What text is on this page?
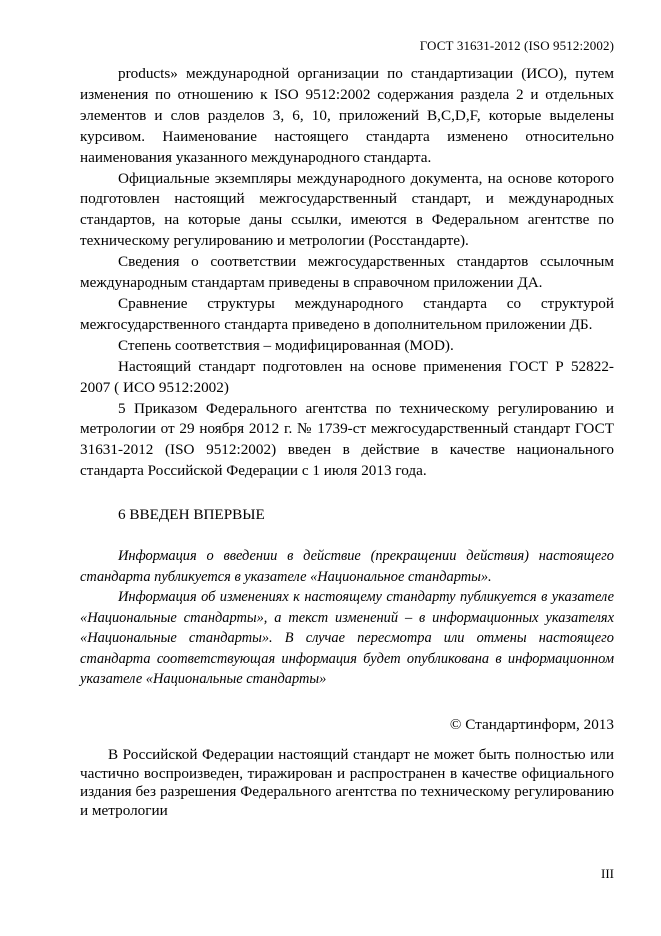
ГОСТ 31631-2012 (ISO 9512:2002)

products» международной организации по стандартизации (ИСО), путем изменения по отношению к ISO 9512:2002 содержания раздела 2 и отдельных элементов и слов разделов 3, 6, 10, приложений B,C,D,F, которые выделены курсивом. Наименование настоящего стандарта изменено относительно наименования указанного международного стандарта.

Официальные экземпляры международного документа, на основе которого подготовлен настоящий межгосударственный стандарт, и международных стандартов, на которые даны ссылки, имеются в Федеральном агентстве по техническому регулированию и метрологии (Росстандарте).

Сведения о соответствии межгосударственных стандартов ссылочным международным стандартам приведены в справочном приложении ДА.

Сравнение структуры международного стандарта со структурой межгосударственного стандарта приведено в дополнительном приложении ДБ.

Степень соответствия – модифицированная (MOD).

Настоящий стандарт подготовлен на основе применения ГОСТ Р 52822-2007 ( ИСО 9512:2002)

5 Приказом Федерального агентства по техническому регулированию и метрологии от 29 ноября 2012 г. № 1739-ст межгосударственный стандарт ГОСТ 31631-2012 (ISO 9512:2002) введен в действие в качестве национального стандарта Российской Федерации с 1 июля 2013 года.

6 ВВЕДЕН ВПЕРВЫЕ

Информация о введении в действие (прекращении действия) настоящего стандарта публикуется в указателе «Национальное стандарты».

Информация об изменениях к настоящему стандарту публикуется в указателе «Национальные стандарты», а текст изменений – в информационных указателях «Национальные стандарты». В случае пересмотра или отмены настоящего стандарта соответствующая информация будет опубликована в информационном указателе «Национальные стандарты»

© Стандартинформ, 2013

В Российской Федерации настоящий стандарт не может быть полностью или частично воспроизведен, тиражирован и распространен в качестве официального издания без разрешения Федерального агентства по техническому регулированию и метрологии

III
